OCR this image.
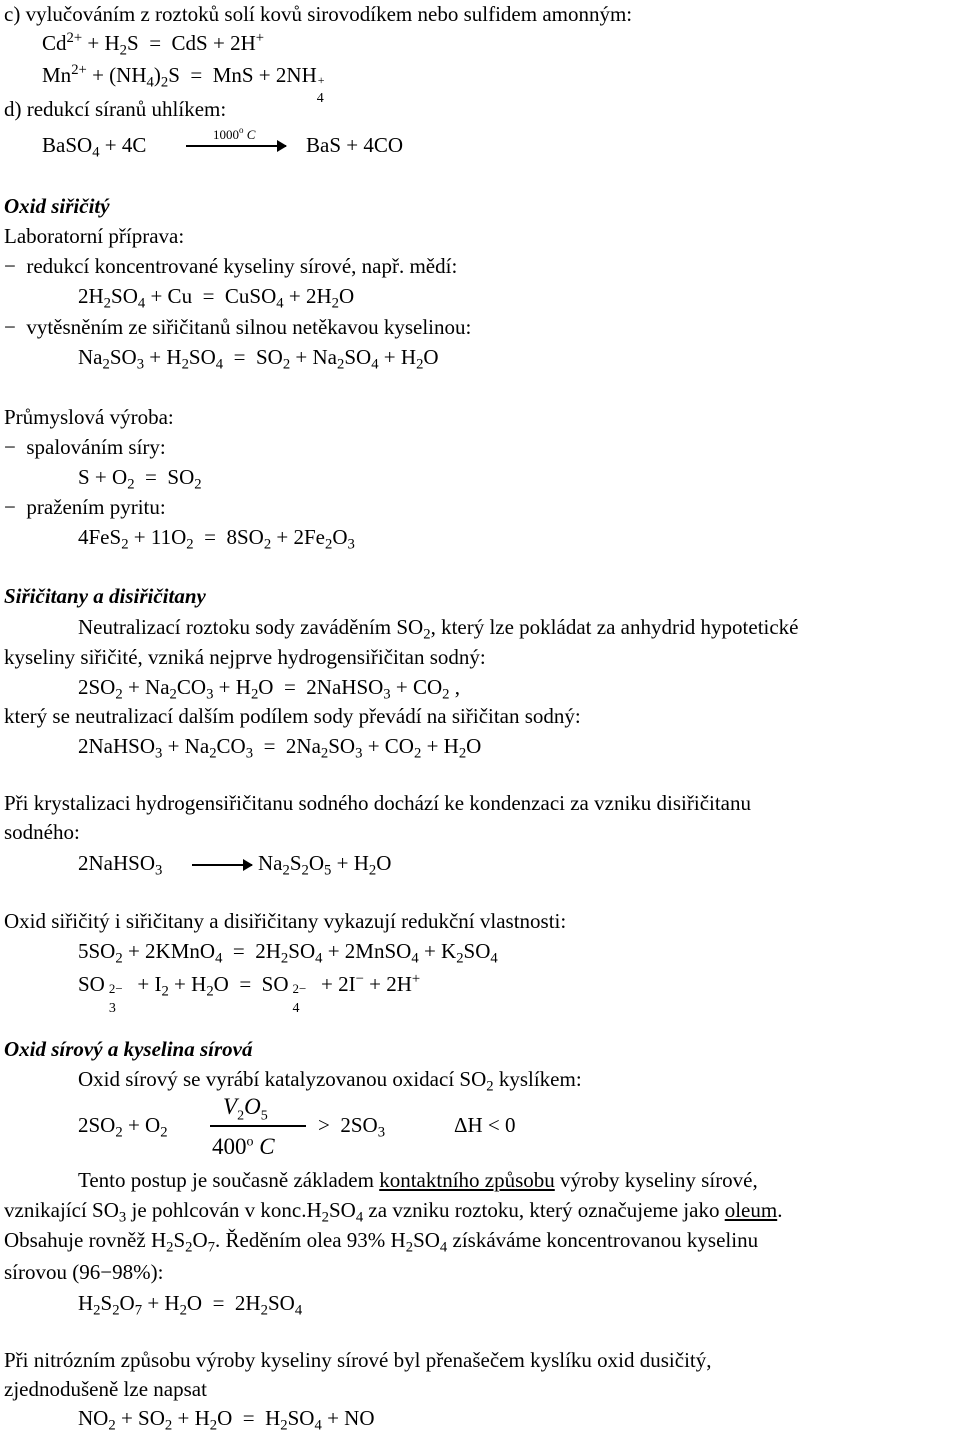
c) vylučováním z roztoků solí kovů sirovodíkem nebo sulfidem amonným:
$Cd^{2+} + H_2S$  =  CdS + 2H+
$Mn^{2+} + (NH_4)_2S$  =  MnS + 2NH +
4
d) redukcí síranů uhlíkem:
BaSO$_4$ + 4C	1000$^o$ C BaS + 4CO
Oxid siřičitý
Laboratorní příprava:
−  redukcí koncentrované kyseliny sírové, např. mědí:
$2H_2SO_4 + Cu$  =  CuSO$_4$ + $2H_2O$
−  vytěsněním ze siřičitanů silnou netěkavou kyselinou:
$Na_2SO_3 + H_2SO_4 = SO_2 + Na_2SO_4 + H_2O$
Průmyslová výroba:
−  spalováním síry:
$S + O_2 = SO_2$
−  pražením pyritu:
$4FeS_2 + 11O_2 = 8SO_2 + 2Fe_2O_3$
Siřičitany a disiřičitany
Neutralizací roztoku sody zaváděním $SO_2$, který lze pokládat za anhydrid hypotetické
kyseliny siřičité, vzniká nejprve hydrogensiřičitan sodný:
$2SO_2 + Na_2CO_3 + H_2O$  =  2NaHSO$_3$ + $CO_2$ ,
který se neutralizací dalším podílem sody převádí na siřičitan sodný:
2NaHSO$_3$ + $Na_2CO_3 = 2Na_2SO_3 + CO_2 + H_2O$
Při krystalizaci hydrogensiřičitanu sodného dochází ke kondenzaci za vzniku disiřičitanu
sodného:
2NaHSO$_3$ → $Na_2S_2O_5 + H_2O$
Oxid siřičitý i siřičitany a disiřičitany vykazují redukční vlastnosti:
$5SO_2$ + 2KMnO$_4$  =  $2H_2SO_4$ + 2MnSO$_4$ + $K_2SO_4$
SO 2−
3
+ $I_2 + H_2O$  =  SO 2−
4
+ 2I− + 2H+
Oxid sírový a kyselina sírová
Oxid sírový se vyrábí katalyzovanou oxidací $SO_2$ kyslíkem:
$2SO_2 + O_2$
$V_2O_5$
400$^o$ C
>  $2SO_3$	ΔH < 0
Tento postup je současně základem kontaktního způsobu výroby kyseliny sírové,
vznikající $SO_3$ je pohlcován v $konc.H_2SO_4$ za vzniku roztoku, který označujeme jako oleum.
Obsahuje rovněž $H_2S_2O_7$. Ředěním olea 93% $H_2SO_4$ získáváme koncentrovanou kyselinu
sírovou (96−98%):
$H_2S_2O_7 + H_2O = 2H_2SO_4$
Při nitrózním způsobu výroby kyseliny sírové byl přenašečem kyslíku oxid dusičitý,
zjednodušeně lze napsat
$NO_2 + SO_2 + H_2O = H_2SO_4$ + NO
